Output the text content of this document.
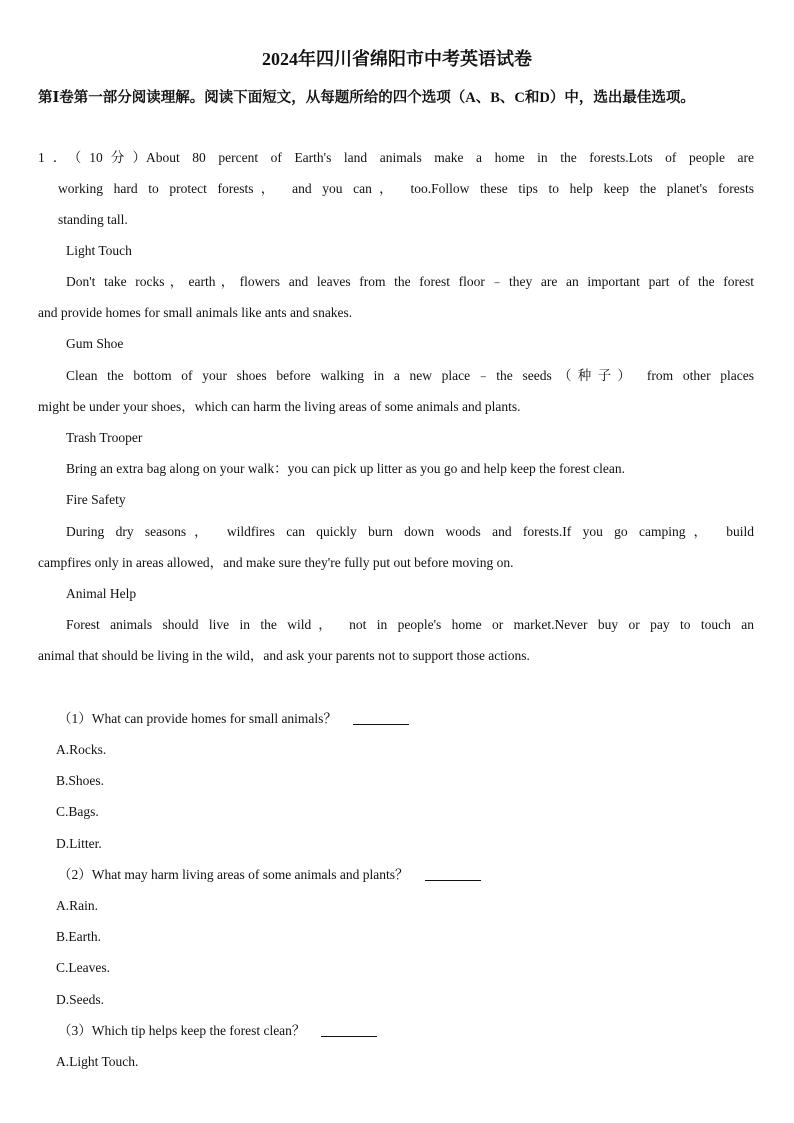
2024年四川省绵阳市中考英语试卷
第Ⅰ卷第一部分阅读理解。阅读下面短文，从每题所给的四个选项（A、B、C和D）中，选出最佳选项。
1．（10分）About 80 percent of Earth's land animals make a home in the forests.Lots of people are
working hard to protect forests， and you can， too.Follow these tips to help keep the planet's forests
standing tall.
Light Touch
Don't take rocks，earth，flowers and leaves from the forest floor﹣they are an important part of the forest
and provide homes for small animals like ants and snakes.
Gum Shoe
Clean the bottom of your shoes before walking in a new place﹣the seeds（种子） from other places
might be under your shoes，which can harm the living areas of some animals and plants.
Trash Trooper
Bring an extra bag along on your walk：you can pick up litter as you go and help keep the forest clean.
Fire Safety
During dry seasons， wildfires can quickly burn down woods and forests.If you go camping， build
campfires only in areas allowed，and make sure they're fully put out before moving on.
Animal Help
Forest animals should live in the wild， not in people's home or market.Never buy or pay to touch an
animal that should be living in the wild，and ask your parents not to support those actions.
（1）What can provide homes for small animals？
A.Rocks.
B.Shoes.
C.Bags.
D.Litter.
（2）What may harm living areas of some animals and plants？
A.Rain.
B.Earth.
C.Leaves.
D.Seeds.
（3）Which tip helps keep the forest clean？
A.Light Touch.
